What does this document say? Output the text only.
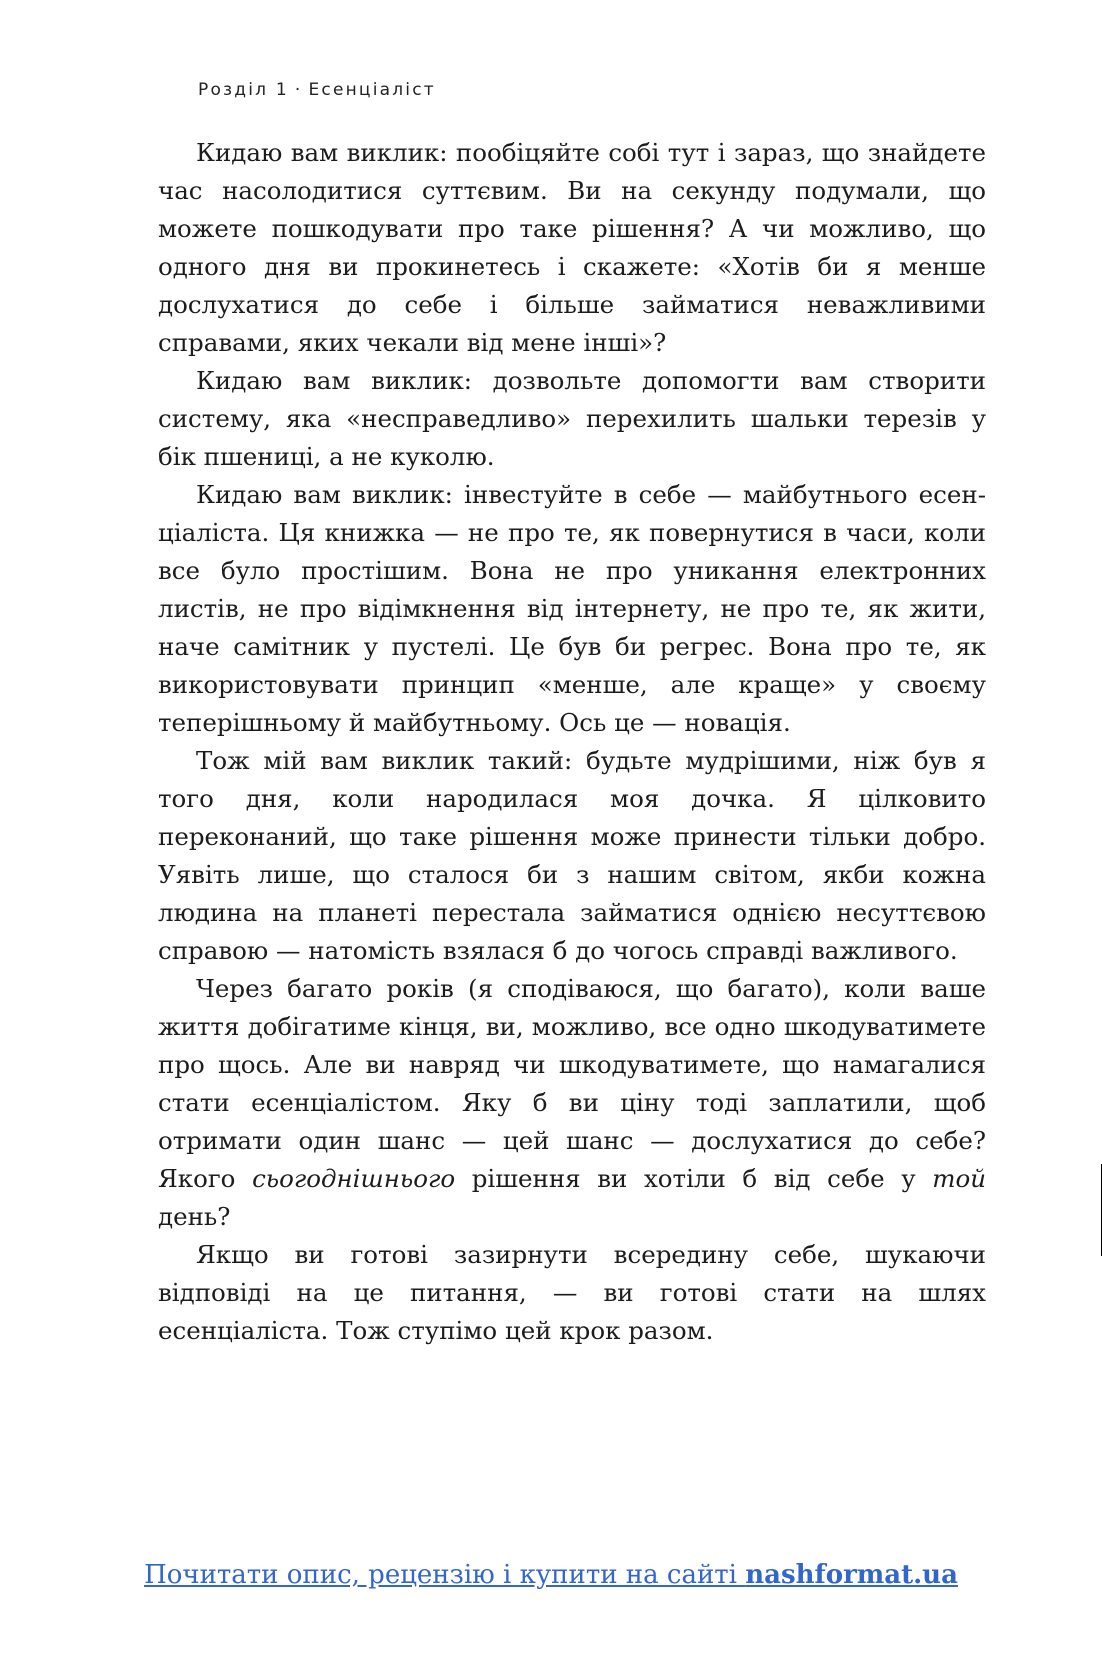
Розділ 1 · Есенціаліст

Кидаю вам виклик: пообіцяйте собі тут і зараз, що знайдете час насолодитися суттєвим. Ви на секунду подумали, що можете пошкодувати про таке рішення? А чи можливо, що одного дня ви прокинетесь і скажете: «Хотів би я менше дослухатися до себе і більше займатися неважливими справами, яких чекали від мене інші»?

Кидаю вам виклик: дозвольте допомогти вам створити систему, яка «несправедливо» перехилить шальки терезів у бік пшениці, а не куколю.

Кидаю вам виклик: інвестуйте в себе — майбутнього есенціаліста. Ця книжка — не про те, як повернутися в часи, коли все було простішим. Вона не про уникання електронних листів, не про відімкнення від інтернету, не про те, як жити, наче самітник у пустелі. Це був би регрес. Вона про те, як використовувати принцип «менше, але краще» у своєму теперішньому й майбутньому. Ось це — новація.

Тож мій вам виклик такий: будьте мудрішими, ніж був я того дня, коли народилася моя дочка. Я цілковито переконаний, що таке рішення може принести тільки добро. Уявіть лише, що сталося би з нашим світом, якби кожна людина на планеті перестала займатися однією несуттєвою справою — натомість взялася б до чогось справді важливого.

Через багато років (я сподіваюся, що багато), коли ваше життя добігатиме кінця, ви, можливо, все одно шкодуватимете про щось. Але ви навряд чи шкодуватимете, що намагалися стати есенціалістом. Яку б ви ціну тоді заплатили, щоб отримати один шанс — цей шанс — дослухатися до себе? Якого сьогоднішнього рішення ви хотіли б від себе у той день?

Якщо ви готові зазирнути всередину себе, шукаючи відповіді на це питання, — ви готові стати на шлях есенціаліста. Тож ступімо цей крок разом.

Почитати опис, рецензію і купити на сайті nashformat.ua
